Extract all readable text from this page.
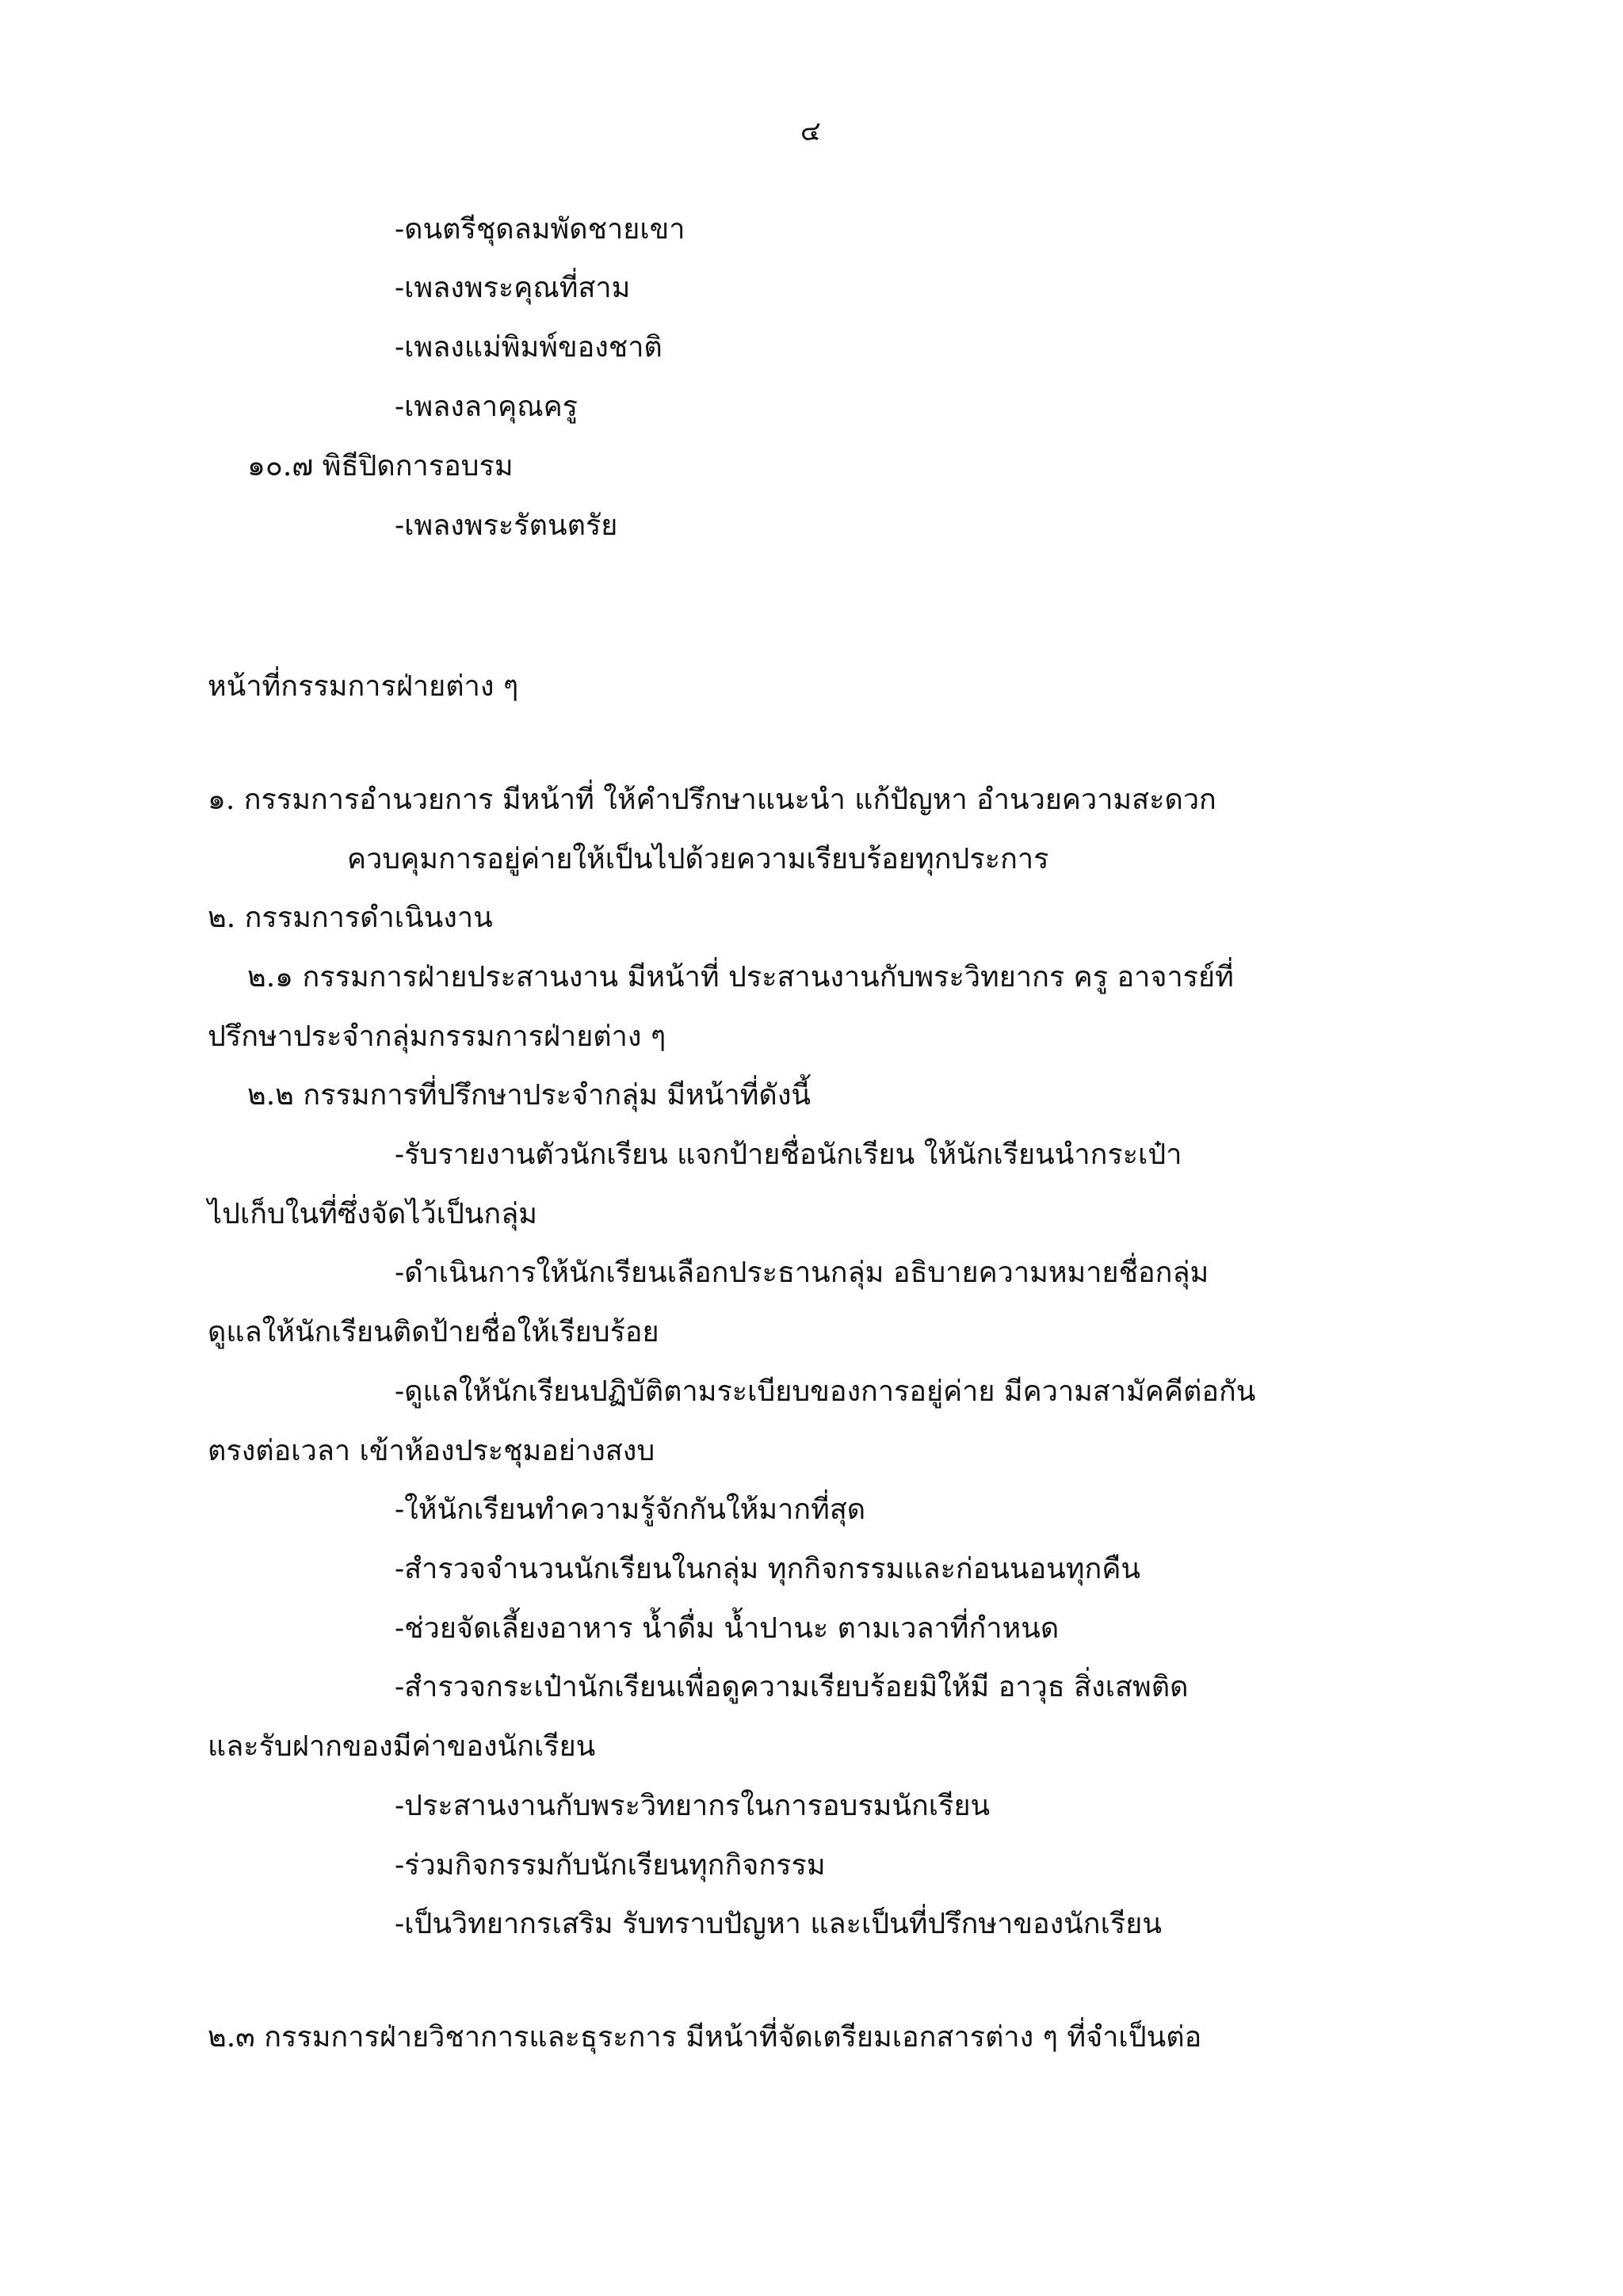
๔
-ดนตรีชุดลมพัดชายเขา
-เพลงพระคุณที่สาม
-เพลงแม่พิมพ์ของชาติ
-เพลงลาคุณครู
๑๐.๗ พิธีปิดการอบรม
-เพลงพระรัตนตรัย
หน้าที่กรรมการฝ่ายต่าง ๆ
๑. กรรมการอำนวยการ มีหน้าที่ ให้คำปรึกษาแนะนำ แก้ปัญหา อำนวยความสะดวก
ควบคุมการอยู่ค่ายให้เป็นไปด้วยความเรียบร้อยทุกประการ
๒. กรรมการดำเนินงาน
๒.๑ กรรมการฝ่ายประสานงาน มีหน้าที่ ประสานงานกับพระวิทยากร ครู อาจารย์ที่
ปรึกษาประจำกลุ่มกรรมการฝ่ายต่าง ๆ
๒.๒ กรรมการที่ปรึกษาประจำกลุ่ม มีหน้าที่ดังนี้
-รับรายงานตัวนักเรียน แจกป้ายชื่อนักเรียน ให้นักเรียนนำกระเป๋า
ไปเก็บในที่ซึ่งจัดไว้เป็นกลุ่ม
-ดำเนินการให้นักเรียนเลือกประธานกลุ่ม อธิบายความหมายชื่อกลุ่ม
ดูแลให้นักเรียนติดป้ายชื่อให้เรียบร้อย
-ดูแลให้นักเรียนปฏิบัติตามระเบียบของการอยู่ค่าย มีความสามัคคีต่อกัน
ตรงต่อเวลา เข้าห้องประชุมอย่างสงบ
-ให้นักเรียนทำความรู้จักกันให้มากที่สุด
-สำรวจจำนวนนักเรียนในกลุ่ม ทุกกิจกรรมและก่อนนอนทุกคืน
-ช่วยจัดเลี้ยงอาหาร น้ำดื่ม น้ำปานะ ตามเวลาที่กำหนด
-สำรวจกระเป๋านักเรียนเพื่อดูความเรียบร้อยมิให้มี อาวุธ สิ่งเสพติด
และรับฝากของมีค่าของนักเรียน
-ประสานงานกับพระวิทยากรในการอบรมนักเรียน
-ร่วมกิจกรรมกับนักเรียนทุกกิจกรรม
-เป็นวิทยากรเสริม รับทราบปัญหา และเป็นที่ปรึกษาของนักเรียน
๒.๓ กรรมการฝ่ายวิชาการและธุระการ มีหน้าที่จัดเตรียมเอกสารต่าง ๆ ที่จำเป็นต่อ
